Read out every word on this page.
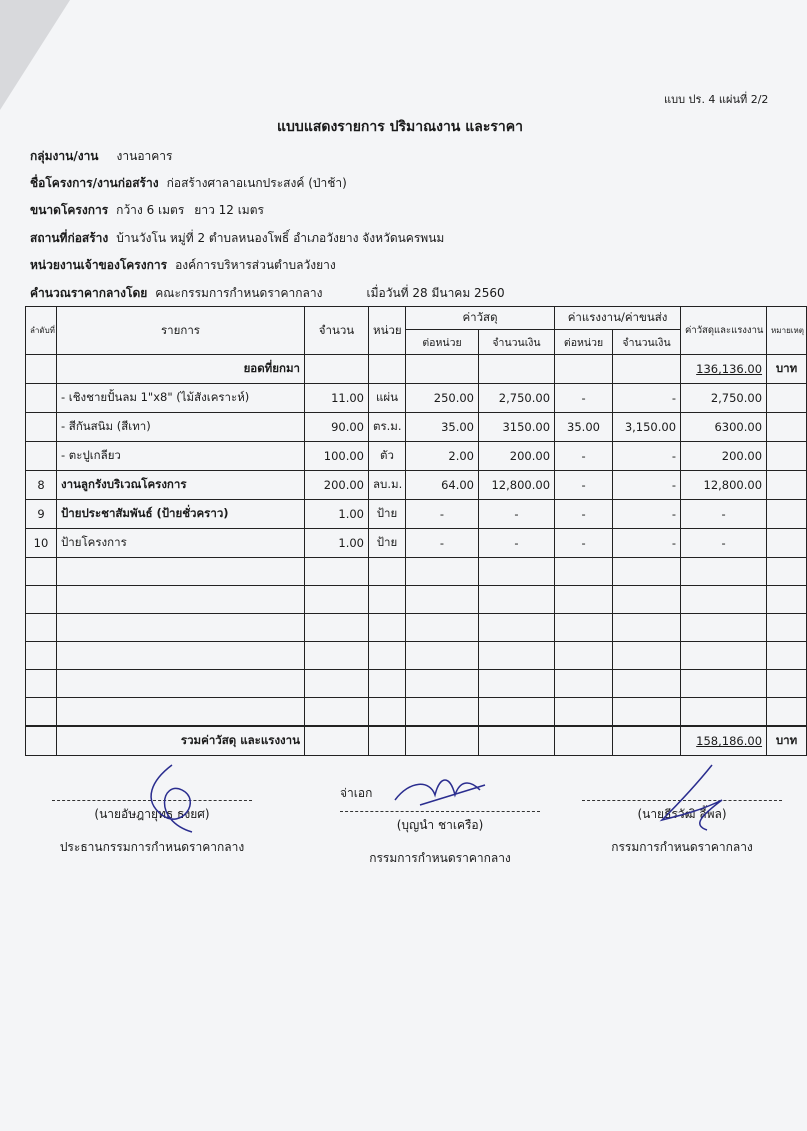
แบบ ปร. 4 แผ่นที่ 2/2
แบบแสดงรายการ ปริมาณงาน และราคา
กลุ่มงาน/งาน งานอาคาร
ชื่อโครงการ/งานก่อสร้าง ก่อสร้างศาลาอเนกประสงค์ (ป่าช้า)
ขนาดโครงการ กว้าง 6 เมตร ยาว 12 เมตร
สถานที่ก่อสร้าง บ้านวังโน หมู่ที่ 2 ตำบลหนองโพธิ์ อำเภอวังยาง จังหวัดนครพนม
หน่วยงานเจ้าของโครงการ องค์การบริหารส่วนตำบลวังยาง
คำนวณราคากลางโดย คณะกรรมการกำหนดราคากลาง	เมื่อวันที่ 28 มีนาคม 2560
ลำดับที่	รายการ	จำนวน	หน่วย	ค่าวัสดุ		ค่าแรงงาน/ค่าขนส่ง		ค่าวัสดุและแรงงาน	หมายเหตุ
				ต่อหน่วย	จำนวนเงิน	ต่อหน่วย	จำนวนเงิน		
	ยอดที่ยกมา							136,136.00	บาท
	- เชิงชายปั้นลม 1"x8" (ไม้สังเคราะห์)	11.00	แผ่น	250.00	2,750.00	-	-	2,750.00	
	- สีกันสนิม (สีเทา)	90.00	ตร.ม.	35.00	3150.00	35.00	3,150.00	6300.00	
	- ตะปูเกลียว	100.00	ตัว	2.00	200.00	-	-	200.00	
8	งานลูกรังบริเวณโครงการ	200.00	ลบ.ม.	64.00	12,800.00	-	-	12,800.00	
9	ป้ายประชาสัมพันธ์ (ป้ายชั่วคราว)	1.00	ป้าย	-	-	-	-	-	
10	ป้ายโครงการ	1.00	ป้าย	-	-	-	-	-	

	รวมค่าวัสดุ และแรงงาน							158,186.00	บาท
(นายอัษฎายุทธ ธงยศ)
ประธานกรรมการกำหนดราคากลาง
จ่าเอก
(บุญนำ ชาเครือ)
กรรมการกำหนดราคากลาง
(นายธีรวัฒิ ลี้พล)
กรรมการกำหนดราคากลาง
